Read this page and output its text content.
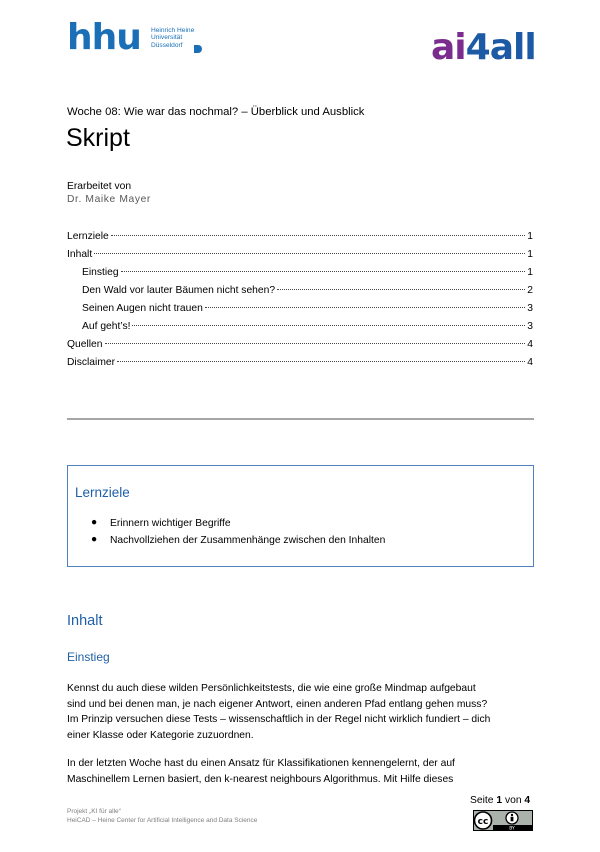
hhu Heinrich Heine
Universität
Düsseldorf	ai4all
Woche 08: Wie war das nochmal? – Überblick und Ausblick
Skript
Erarbeitet von
Dr. Maike Mayer
Lernziele	1
Inhalt	1
Einstieg	1
Den Wald vor lauter Bäumen nicht sehen?	2
Seinen Augen nicht trauen	3
Auf geht’s!	3
Quellen	4
Disclaimer	4
Lernziele
● Erinnern wichtiger Begriffe
● Nachvollziehen der Zusammenhänge zwischen den Inhalten
Inhalt
Einstieg
Kennst du auch diese wilden Persönlichkeitstests, die wie eine große Mindmap aufgebaut
sind und bei denen man, je nach eigener Antwort, einen anderen Pfad entlang gehen muss?
Im Prinzip versuchen diese Tests – wissenschaftlich in der Regel nicht wirklich fundiert – dich
einer Klasse oder Kategorie zuzuordnen.
In der letzten Woche hast du einen Ansatz für Klassifikationen kennengelernt, der auf
Maschinellem Lernen basiert, den k-nearest neighbours Algorithmus. Mit Hilfe dieses
Projekt „KI für alle“
HeiCAD – Heine Center for Artificial Intelligence and Data Science
Seite 1 von 4
cc
BY
